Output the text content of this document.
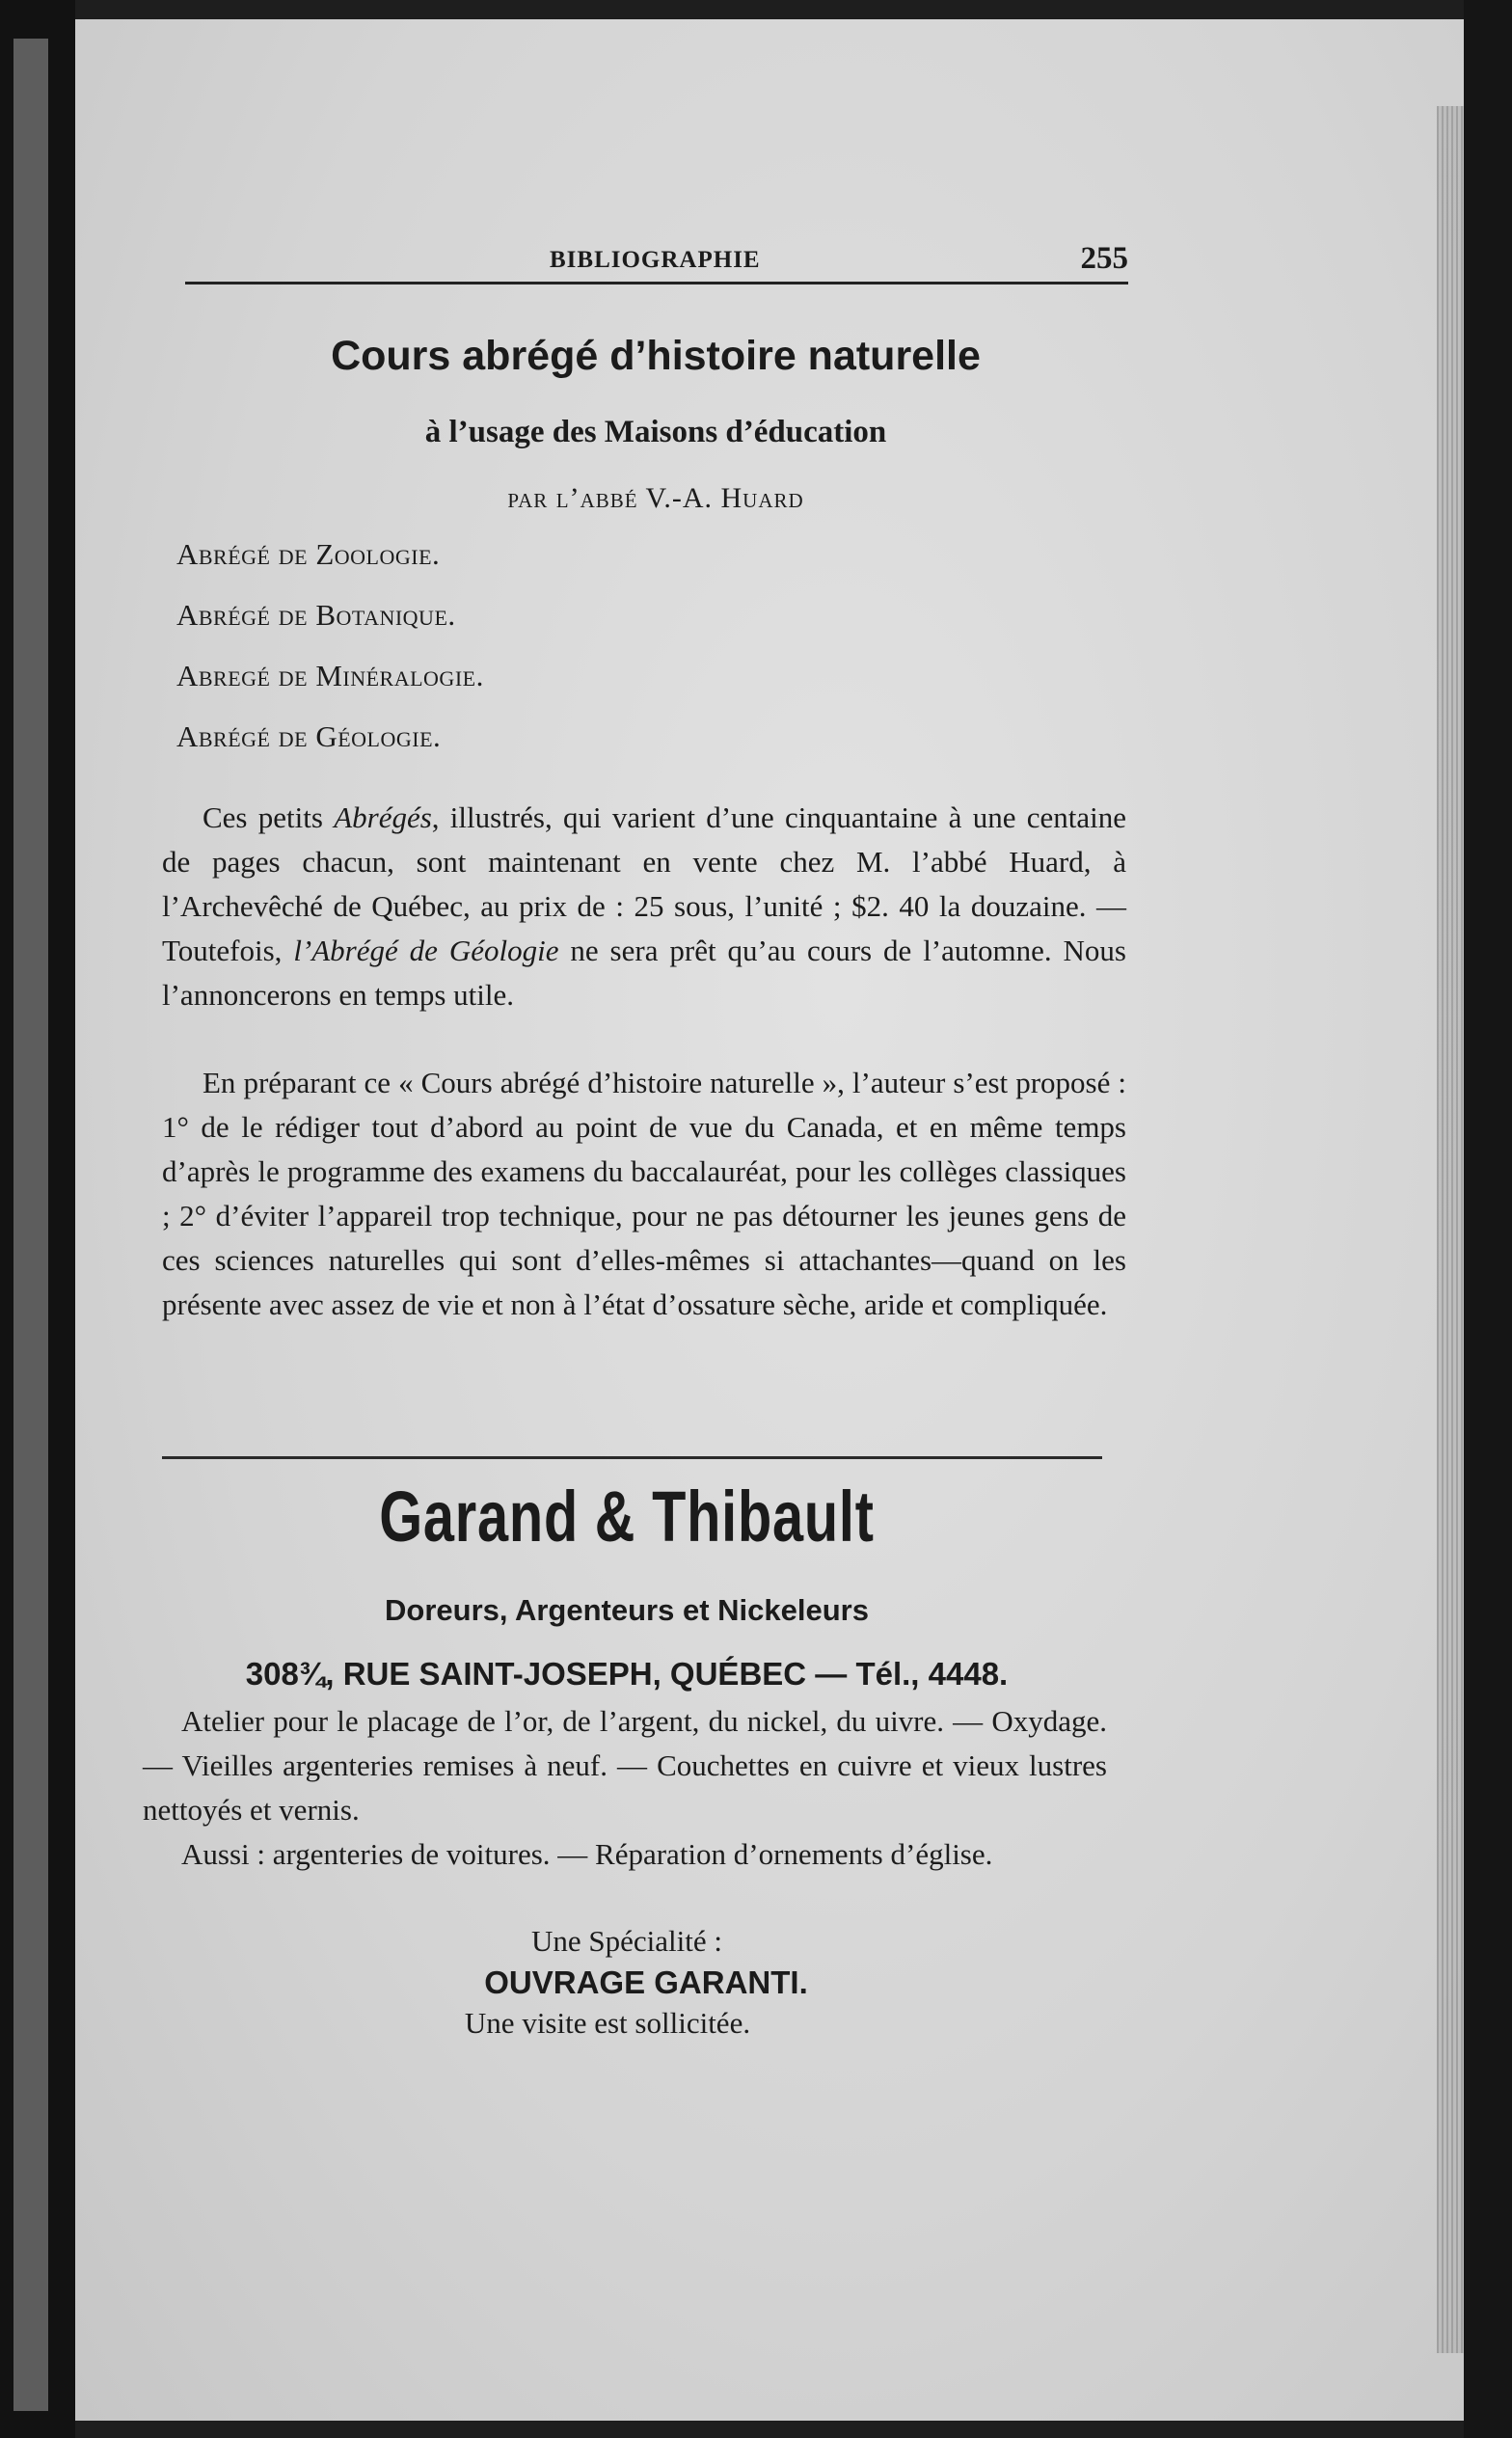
BIBLIOGRAPHIE	255
Cours abrégé d’histoire naturelle
à l’usage des Maisons d’éducation
par l’abbé V.-A. Huard
Abrégé de Zoologie.
Abrégé de Botanique.
Abregé de Minéralogie.
Abrégé de Géologie.

Ces petits Abrégés, illustrés, qui varient d’une cinquantaine à une centaine de pages chacun, sont maintenant en vente chez M. l’abbé Huard, à l’Archevêché de Québec, au prix de : 25 sous, l’unité ; $2. 40 la douzaine. — Toutefois, l’Abrégé de Géologie ne sera prêt qu’au cours de l’automne. Nous l’annoncerons en temps utile.

En préparant ce « Cours abrégé d’histoire naturelle », l’auteur s’est proposé : 1° de le rédiger tout d’abord au point de vue du Canada, et en même temps d’après le programme des examens du baccalauréat, pour les collèges classiques ; 2° d’éviter l’appareil trop technique, pour ne pas détourner les jeunes gens de ces sciences naturelles qui sont d’elles-mêmes si attachantes—quand on les présente avec assez de vie et non à l’état d’ossature sèche, aride et compliquée.

Garand & Thibault
Doreurs, Argenteurs et Nickeleurs
308¾, RUE SAINT-JOSEPH, QUÉBEC — Tél., 4448.

Atelier pour le placage de l’or, de l’argent, du nickel, du uivre. — Oxydage. — Vieilles argenteries remises à neuf. — Couchettes en cuivre et vieux lustres nettoyés et vernis.

Aussi : argenteries de voitures. — Réparation d’ornements d’église.

Une Spécialité :
OUVRAGE GARANTI.
Une visite est sollicitée.
